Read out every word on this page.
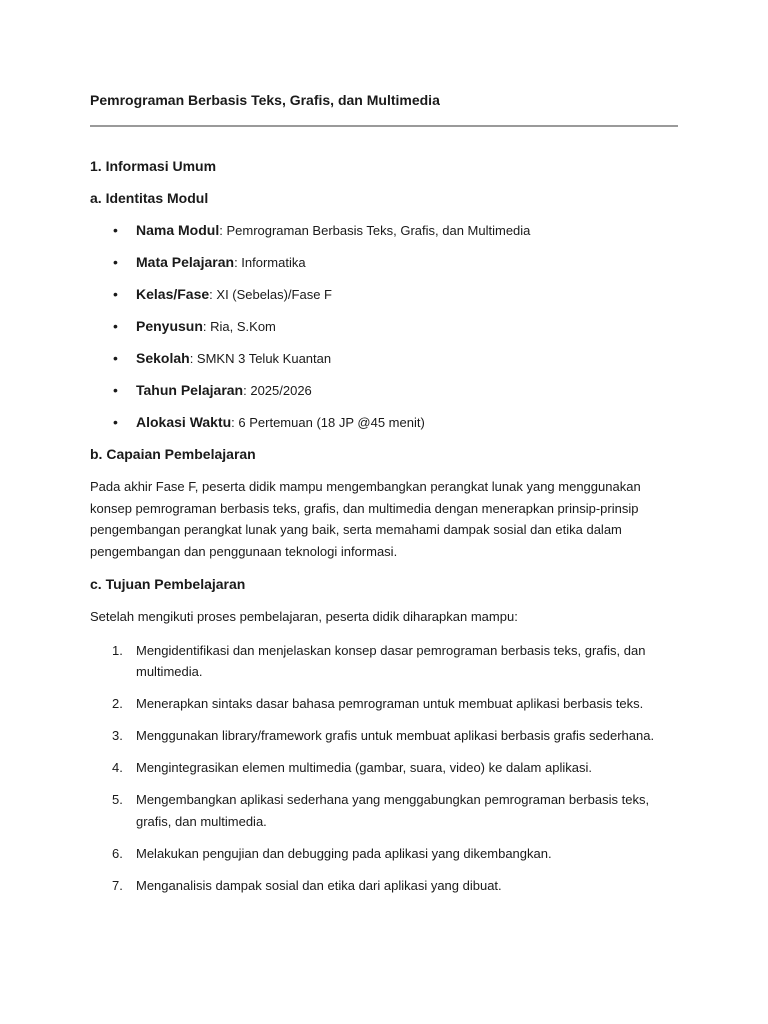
Pemrograman Berbasis Teks, Grafis, dan Multimedia
1. Informasi Umum
a. Identitas Modul
• Nama Modul: Pemrograman Berbasis Teks, Grafis, dan Multimedia
• Mata Pelajaran: Informatika
• Kelas/Fase: XI (Sebelas)/Fase F
• Penyusun: Ria, S.Kom
• Sekolah: SMKN 3 Teluk Kuantan
• Tahun Pelajaran: 2025/2026
• Alokasi Waktu: 6 Pertemuan (18 JP @45 menit)
b. Capaian Pembelajaran

Pada akhir Fase F, peserta didik mampu mengembangkan perangkat lunak yang menggunakan konsep pemrograman berbasis teks, grafis, dan multimedia dengan menerapkan prinsip-prinsip pengembangan perangkat lunak yang baik, serta memahami dampak sosial dan etika dalam pengembangan dan penggunaan teknologi informasi.

c. Tujuan Pembelajaran

Setelah mengikuti proses pembelajaran, peserta didik diharapkan mampu:

1. Mengidentifikasi dan menjelaskan konsep dasar pemrograman berbasis teks, grafis, dan multimedia.
2. Menerapkan sintaks dasar bahasa pemrograman untuk membuat aplikasi berbasis teks.
3. Menggunakan library/framework grafis untuk membuat aplikasi berbasis grafis sederhana.
4. Mengintegrasikan elemen multimedia (gambar, suara, video) ke dalam aplikasi.
5. Mengembangkan aplikasi sederhana yang menggabungkan pemrograman berbasis teks, grafis, dan multimedia.
6. Melakukan pengujian dan debugging pada aplikasi yang dikembangkan.
7. Menganalisis dampak sosial dan etika dari aplikasi yang dibuat.
